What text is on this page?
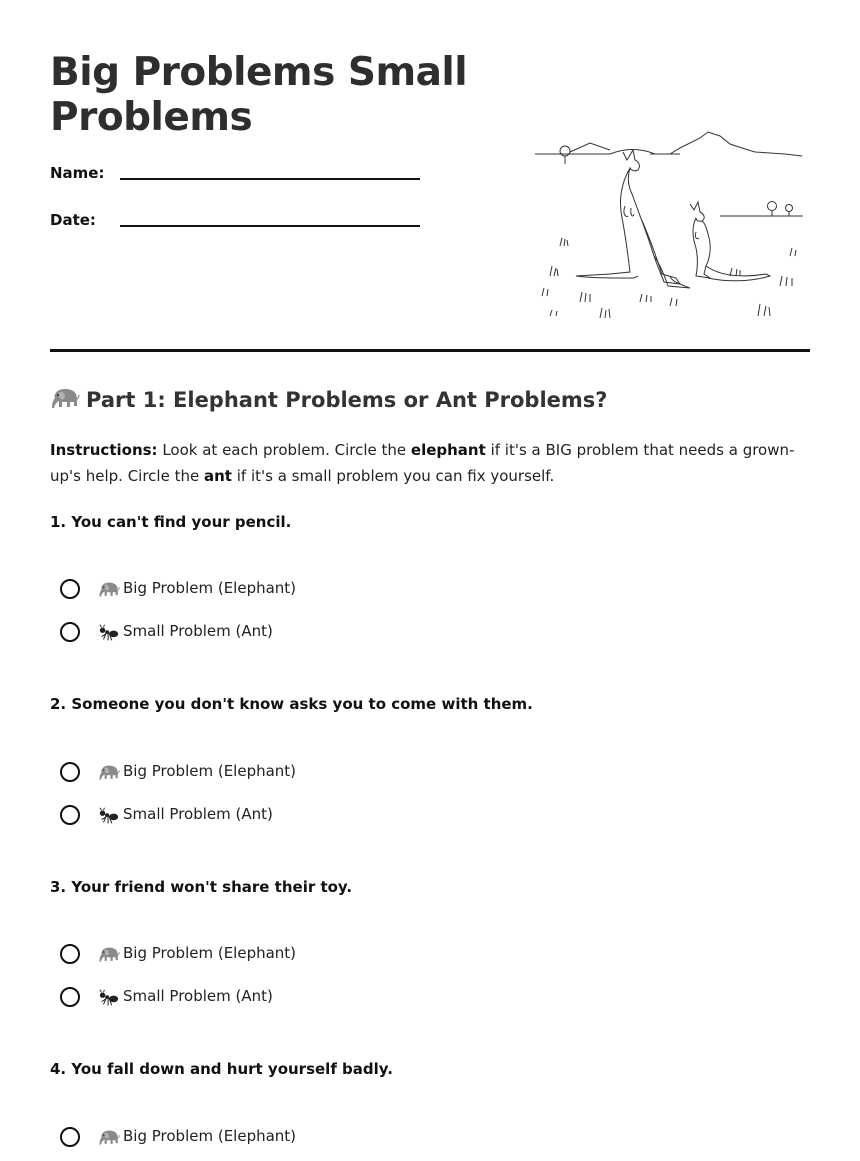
Big Problems Small Problems
Name:
Date:
Part 1: Elephant Problems or Ant Problems?

Instructions: Look at each problem. Circle the elephant if it's a BIG problem that needs a grown-up's help. Circle the ant if it's a small problem you can fix yourself.

1. You can't find your pencil.

Big Problem (Elephant)
Small Problem (Ant)

2. Someone you don't know asks you to come with them.

Big Problem (Elephant)
Small Problem (Ant)

3. Your friend won't share their toy.

Big Problem (Elephant)
Small Problem (Ant)

4. You fall down and hurt yourself badly.

Big Problem (Elephant)
